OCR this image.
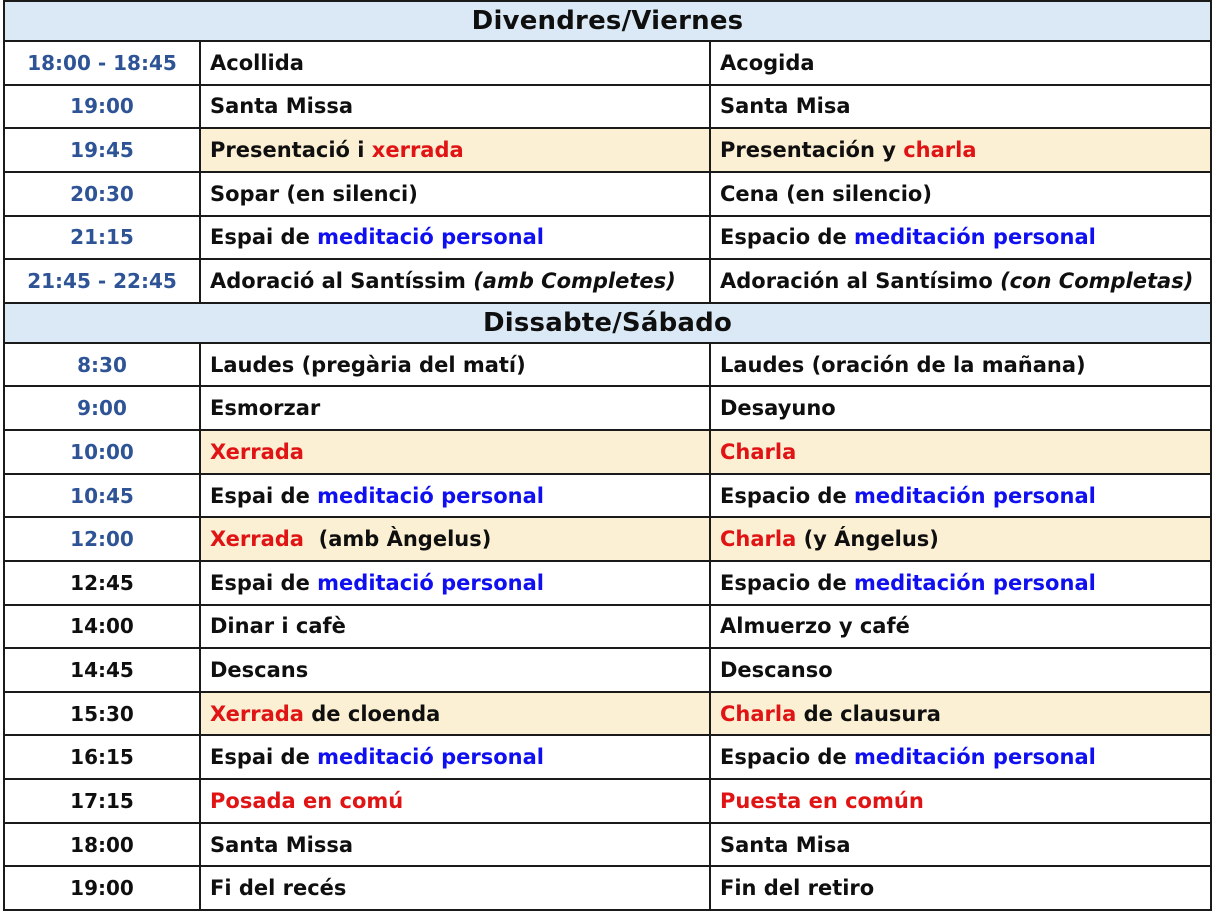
Divendres/Viernes		
18:00 - 18:45	Acollida	Acogida
19:00	Santa Missa	Santa Misa
19:45	Presentació i xerrada	Presentación y charla
20:30	Sopar (en silenci)	Cena (en silencio)
21:15	Espai de meditació personal	Espacio de meditación personal
21:45 - 22:45	Adoració al Santíssim (amb Completes)	Adoración al Santísimo (con Completas)
Dissabte/Sábado		
8:30	Laudes (pregària del matí)	Laudes (oración de la mañana)
9:00	Esmorzar	Desayuno
10:00	Xerrada	Charla
10:45	Espai de meditació personal	Espacio de meditación personal
12:00	Xerrada  (amb Àngelus)	Charla (y Ángelus)
12:45	Espai de meditació personal	Espacio de meditación personal
14:00	Dinar i cafè	Almuerzo y café
14:45	Descans	Descanso
15:30	Xerrada de cloenda	Charla de clausura
16:15	Espai de meditació personal	Espacio de meditación personal
17:15	Posada en comú	Puesta en común
18:00	Santa Missa	Santa Misa
19:00	Fi del recés	Fin del retiro
